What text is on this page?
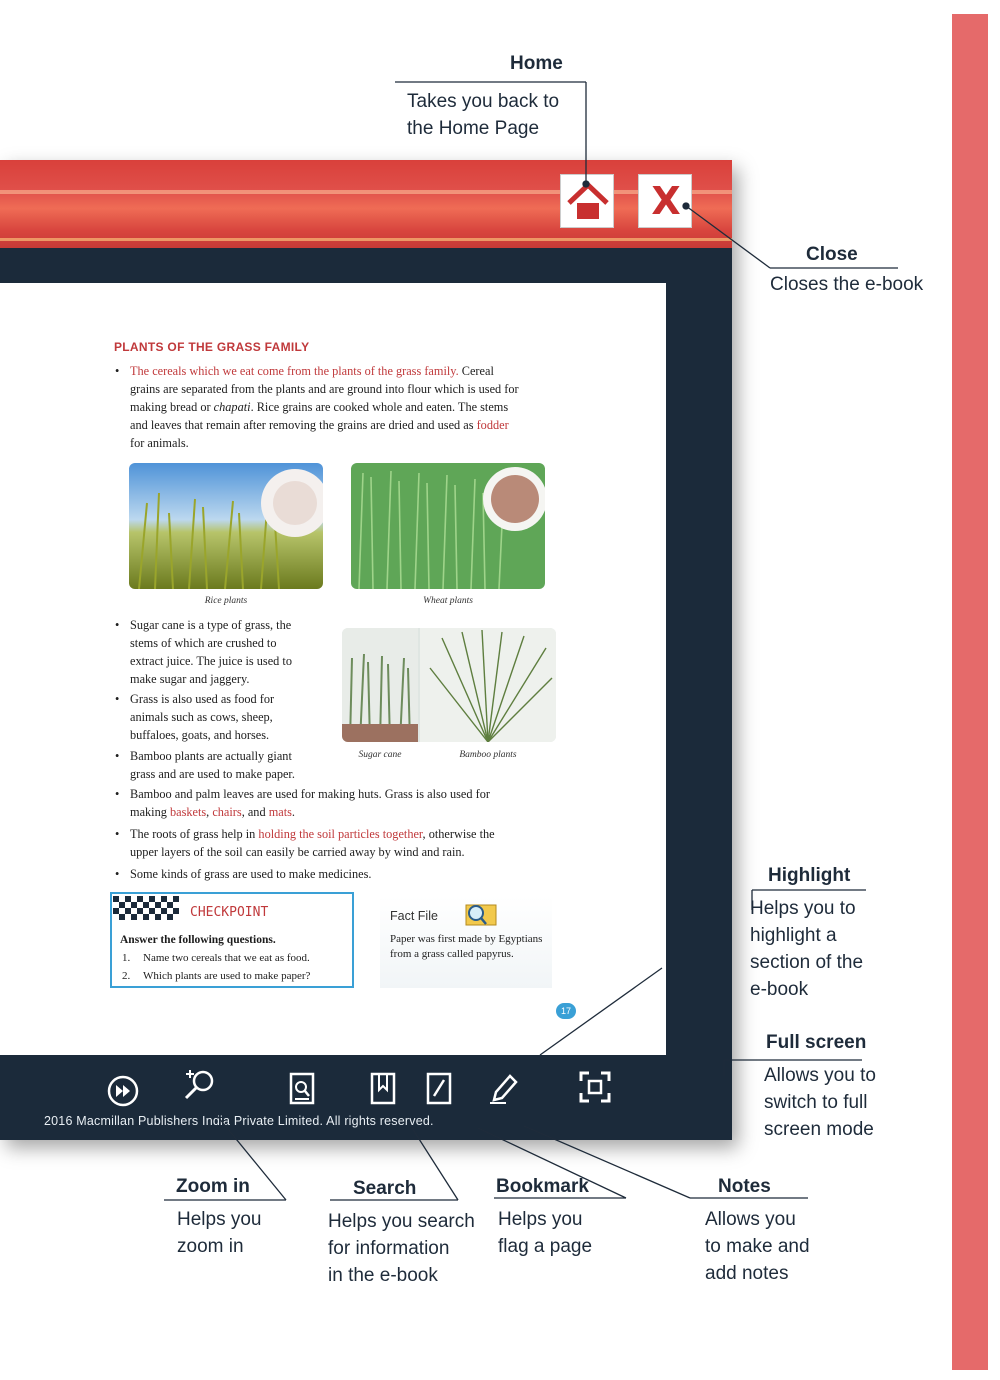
X
PLANTS OF THE GRASS FAMILY
• The cereals which we eat come from the plants of the grass family. Cereal
grains are separated from the plants and are ground into flour which is used for
making bread or chapati. Rice grains are cooked whole and eaten. The stems
and leaves that remain after removing the grains are dried and used as fodder
for animals.
Rice plants	Wheat plants
• Sugar cane is a type of grass, the
stems of which are crushed to
extract juice. The juice is used to
make sugar and jaggery.
• Grass is also used as food for
animals such as cows, sheep,
buffaloes, goats, and horses.
• Bamboo plants are actually giant
grass and are used to make paper.
Sugar cane	Bamboo plants
• Bamboo and palm leaves are used for making huts. Grass is also used for
making baskets, chairs, and mats.
• The roots of grass help in holding the soil particles together, otherwise the
upper layers of the soil can easily be carried away by wind and rain.
• Some kinds of grass are used to make medicines.
CHECKPOINT
Answer the following questions.
1. Name two cereals that we eat as food.
2. Which plants are used to make paper?
Fact File
Paper was first made by Egyptians from a grass called papyrus.
17
2016 Macmillan Publishers India Private Limited. All rights reserved.
Home
Takes you back to
the Home Page
Close
Closes the e-book
Highlight
Helps you to
highlight a
section of the
e-book
Full screen
Allows you to
switch to full
screen mode
Zoom in
Helps you
zoom in
Search
Helps you search
for information
in the e-book
Bookmark
Helps you
flag a page
Notes
Allows you
to make and
add notes
